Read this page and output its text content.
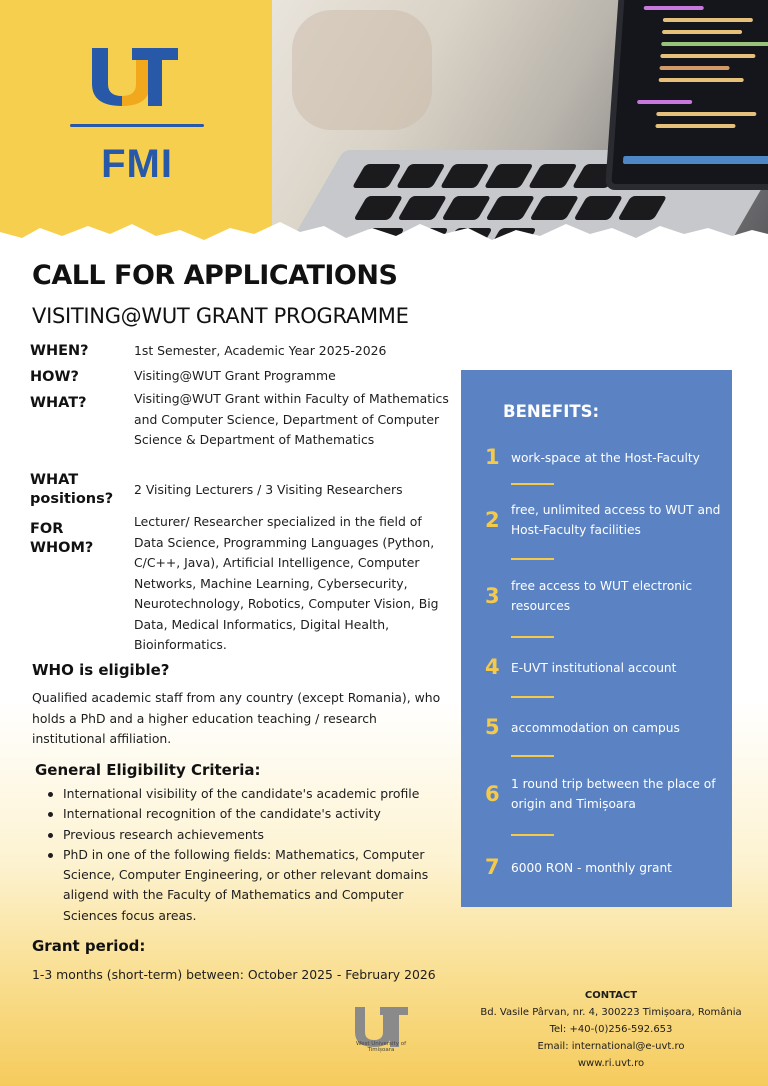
FMI
CALL FOR APPLICATIONS
VISITING@WUT GRANT PROGRAMME
WHEN?	1st Semester, Academic Year 2025-2026
HOW?	Visiting@WUT Grant Programme
WHAT?	Visiting@WUT Grant within Faculty of Mathematics and Computer Science, Department of Computer Science & Department of Mathematics
WHAT positions?
2 Visiting Lecturers / 3 Visiting Researchers
FOR WHOM?
Lecturer/ Researcher specialized in the field of Data Science, Programming Languages (Python, C/C++, Java), Artificial Intelligence, Computer Networks, Machine Learning, Cybersecurity, Neurotechnology, Robotics, Computer Vision, Big Data, Medical Informatics, Digital Health, Bioinformatics.
WHO is eligible?
Qualified academic staff from any country (except Romania), who holds a PhD and a higher education teaching / research institutional affiliation.
General Eligibility Criteria:
International visibility of the candidate's academic profile
International recognition of the candidate's activity
Previous research achievements
PhD in one of the following fields: Mathematics, Computer Science, Computer Engineering, or other relevant domains aligend with the Faculty of Mathematics and Computer Sciences focus areas.
Grant period:
1-3 months (short-term) between: October 2025 - February 2026
BENEFITS:
1 work-space at the Host-Faculty
2 free, unlimited access to WUT and Host-Faculty facilities
3 free access to WUT electronic resources
4 E-UVT institutional account
5 accommodation on campus
6 1 round trip between the place of origin and Timișoara
7 6000 RON - monthly grant
West University of Timișoara
CONTACT
Bd. Vasile Pârvan, nr. 4, 300223 Timișoara, România
Tel: +40-(0)256-592.653
Email: international@e-uvt.ro
www.ri.uvt.ro
